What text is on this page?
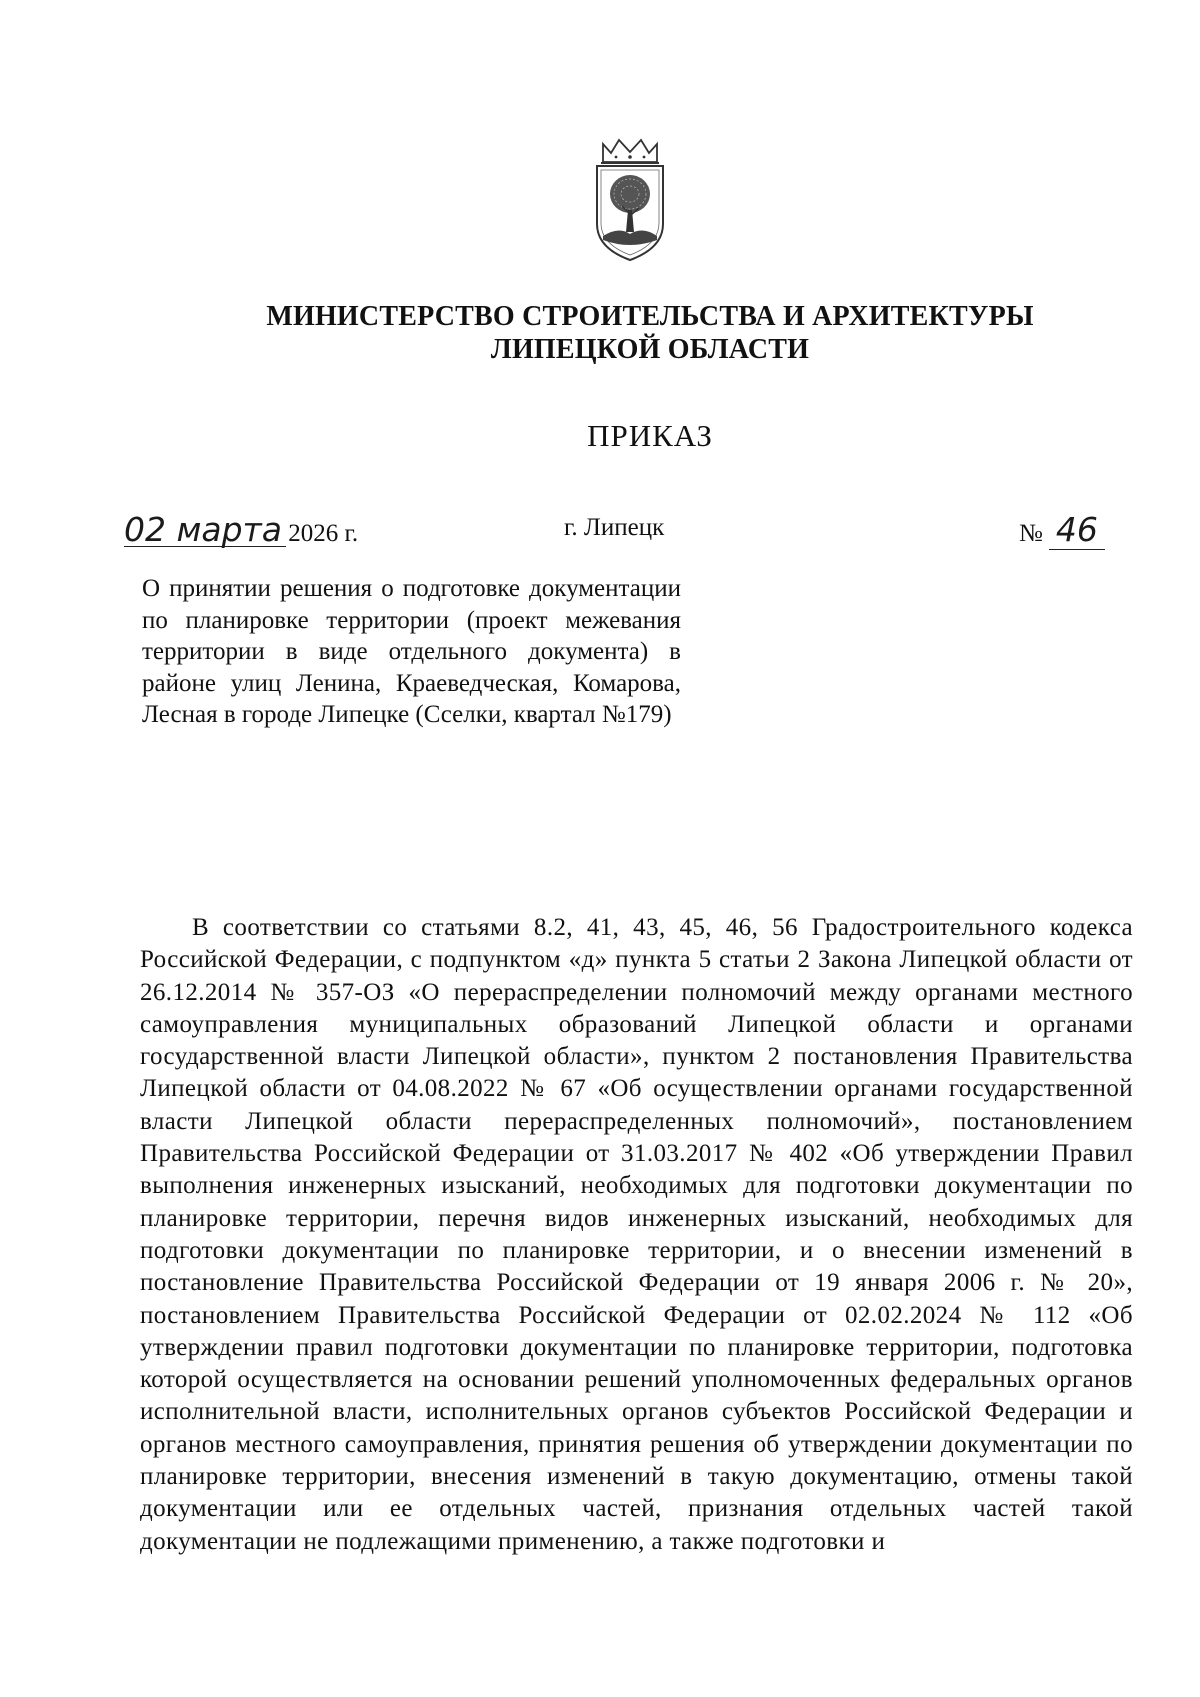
МИНИСТЕРСТВО СТРОИТЕЛЬСТВА И АРХИТЕКТУРЫ
ЛИПЕЦКОЙ ОБЛАСТИ
ПРИКАЗ
02 марта 2026 г.	г. Липецк	№ 46
О принятии решения о подготовке документации по планировке территории (проект межевания территории в виде отдельного документа) в районе улиц Ленина, Краеведческая, Комарова, Лесная в городе Липецке (Сселки, квартал №179)
В соответствии со статьями 8.2, 41, 43, 45, 46, 56 Градостроительного кодекса Российской Федерации, с подпунктом «д» пункта 5 статьи 2 Закона Липецкой области от 26.12.2014 № 357-ОЗ «О перераспределении полномочий между органами местного самоуправления муниципальных образований Липецкой области и органами государственной власти Липецкой области», пунктом 2 постановления Правительства Липецкой области от 04.08.2022 № 67 «Об осуществлении органами государственной власти Липецкой области перераспределенных полномочий», постановлением Правительства Российской Федерации от 31.03.2017 № 402 «Об утверждении Правил выполнения инженерных изысканий, необходимых для подготовки документации по планировке территории, перечня видов инженерных изысканий, необходимых для подготовки документации по планировке территории, и о внесении изменений в постановление Правительства Российской Федерации от 19 января 2006 г. № 20», постановлением Правительства Российской Федерации от 02.02.2024 № 112 «Об утверждении правил подготовки документации по планировке территории, подготовка которой осуществляется на основании решений уполномоченных федеральных органов исполнительной власти, исполнительных органов субъектов Российской Федерации и органов местного самоуправления, принятия решения об утверждении документации по планировке территории, внесения изменений в такую документацию, отмены такой документации или ее отдельных частей, признания отдельных частей такой документации не подлежащими применению, а также подготовки и
